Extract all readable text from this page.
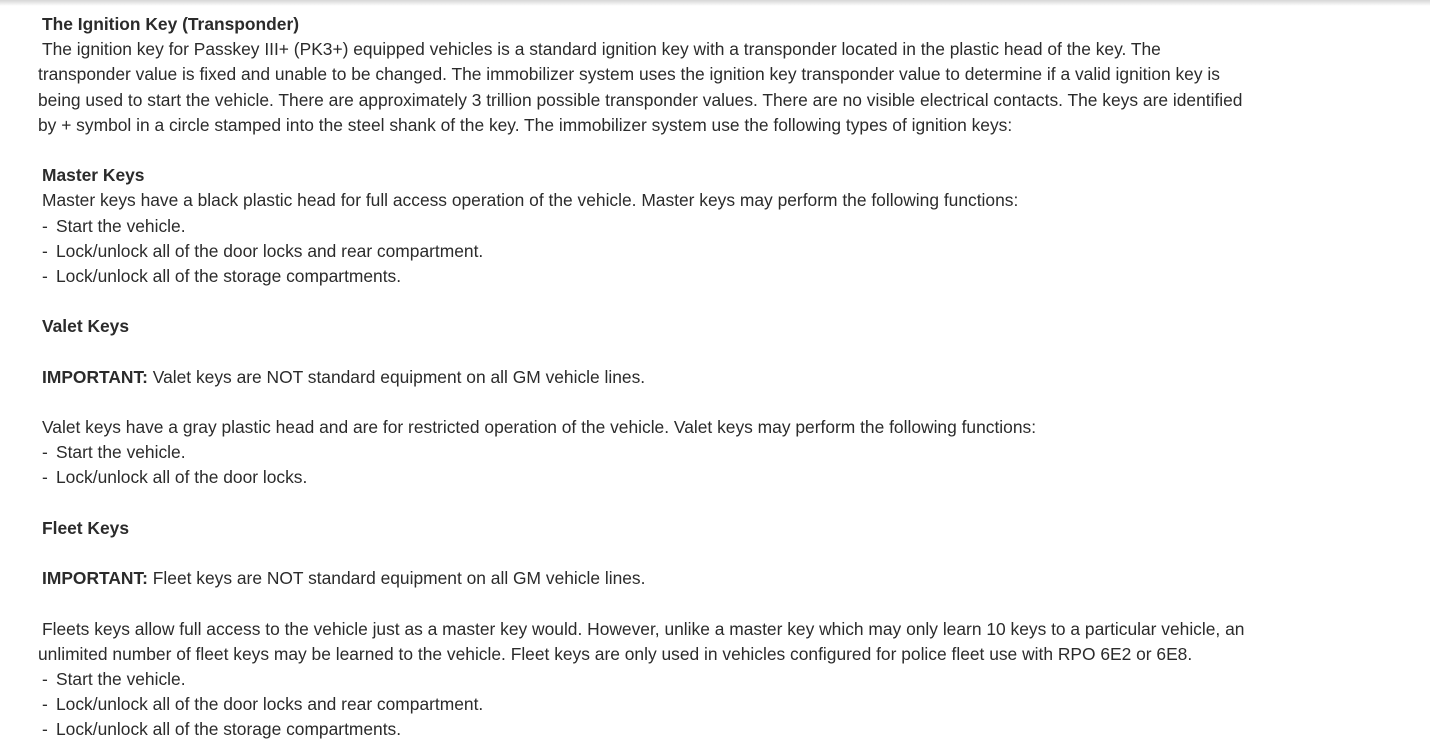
The Ignition Key (Transponder)
The ignition key for Passkey III+ (PK3+) equipped vehicles is a standard ignition key with a transponder located in the plastic head of the key. The
transponder value is fixed and unable to be changed. The immobilizer system uses the ignition key transponder value to determine if a valid ignition key is
being used to start the vehicle. There are approximately 3 trillion possible transponder values. There are no visible electrical contacts. The keys are identified
by + symbol in a circle stamped into the steel shank of the key. The immobilizer system use the following types of ignition keys:
Master Keys
Master keys have a black plastic head for full access operation of the vehicle. Master keys may perform the following functions:
- Start the vehicle.
- Lock/unlock all of the door locks and rear compartment.
- Lock/unlock all of the storage compartments.
Valet Keys
IMPORTANT: Valet keys are NOT standard equipment on all GM vehicle lines.
Valet keys have a gray plastic head and are for restricted operation of the vehicle. Valet keys may perform the following functions:
- Start the vehicle.
- Lock/unlock all of the door locks.
Fleet Keys
IMPORTANT: Fleet keys are NOT standard equipment on all GM vehicle lines.
Fleets keys allow full access to the vehicle just as a master key would. However, unlike a master key which may only learn 10 keys to a particular vehicle, an
unlimited number of fleet keys may be learned to the vehicle. Fleet keys are only used in vehicles configured for police fleet use with RPO 6E2 or 6E8.
- Start the vehicle.
- Lock/unlock all of the door locks and rear compartment.
- Lock/unlock all of the storage compartments.
